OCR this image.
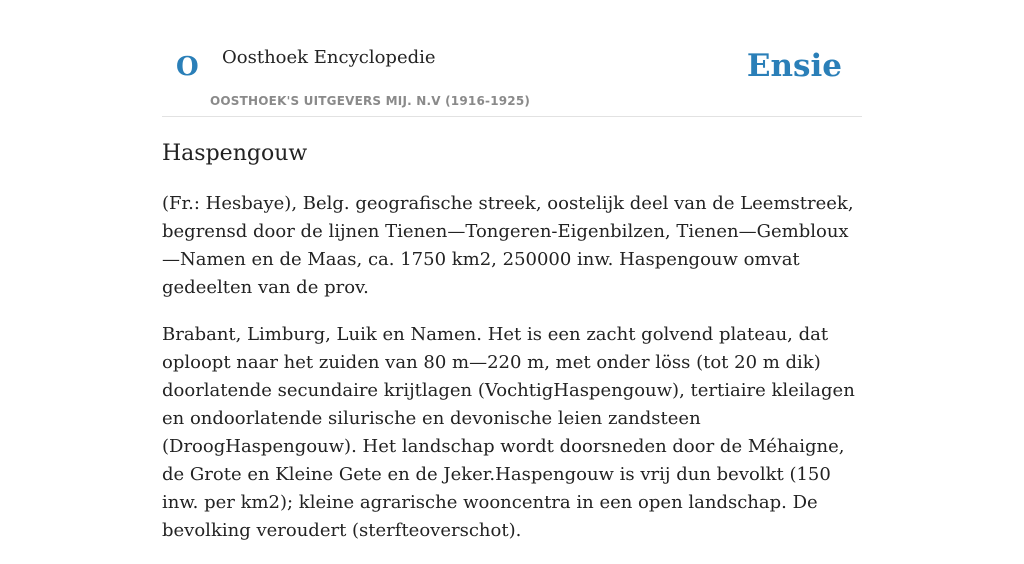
O Oosthoek Encyclopedie
OOSTHOEK'S UITGEVERS MIJ. N.V (1916-1925)
Ensie
Haspengouw

(Fr.: Hesbaye), Belg. geografische streek, oostelijk deel van de Leemstreek, begrensd door de lijnen Tienen—Tongeren-Eigenbilzen, Tienen—Gembloux—Namen en de Maas, ca. 1750 km2, 250000 inw. Haspengouw omvat gedeelten van de prov.

Brabant, Limburg, Luik en Namen. Het is een zacht golvend plateau, dat oploopt naar het zuiden van 80 m—220 m, met onder löss (tot 20 m dik) doorlatende secundaire krijtlagen (VochtigHaspengouw), tertiaire kleilagen en ondoorlatende silurische en devonische leien zandsteen (DroogHaspengouw). Het landschap wordt doorsneden door de Méhaigne, de Grote en Kleine Gete en de Jeker.Haspengouw is vrij dun bevolkt (150 inw. per km2); kleine agrarische wooncentra in een open landschap. De bevolking veroudert (sterfteoverschot).
